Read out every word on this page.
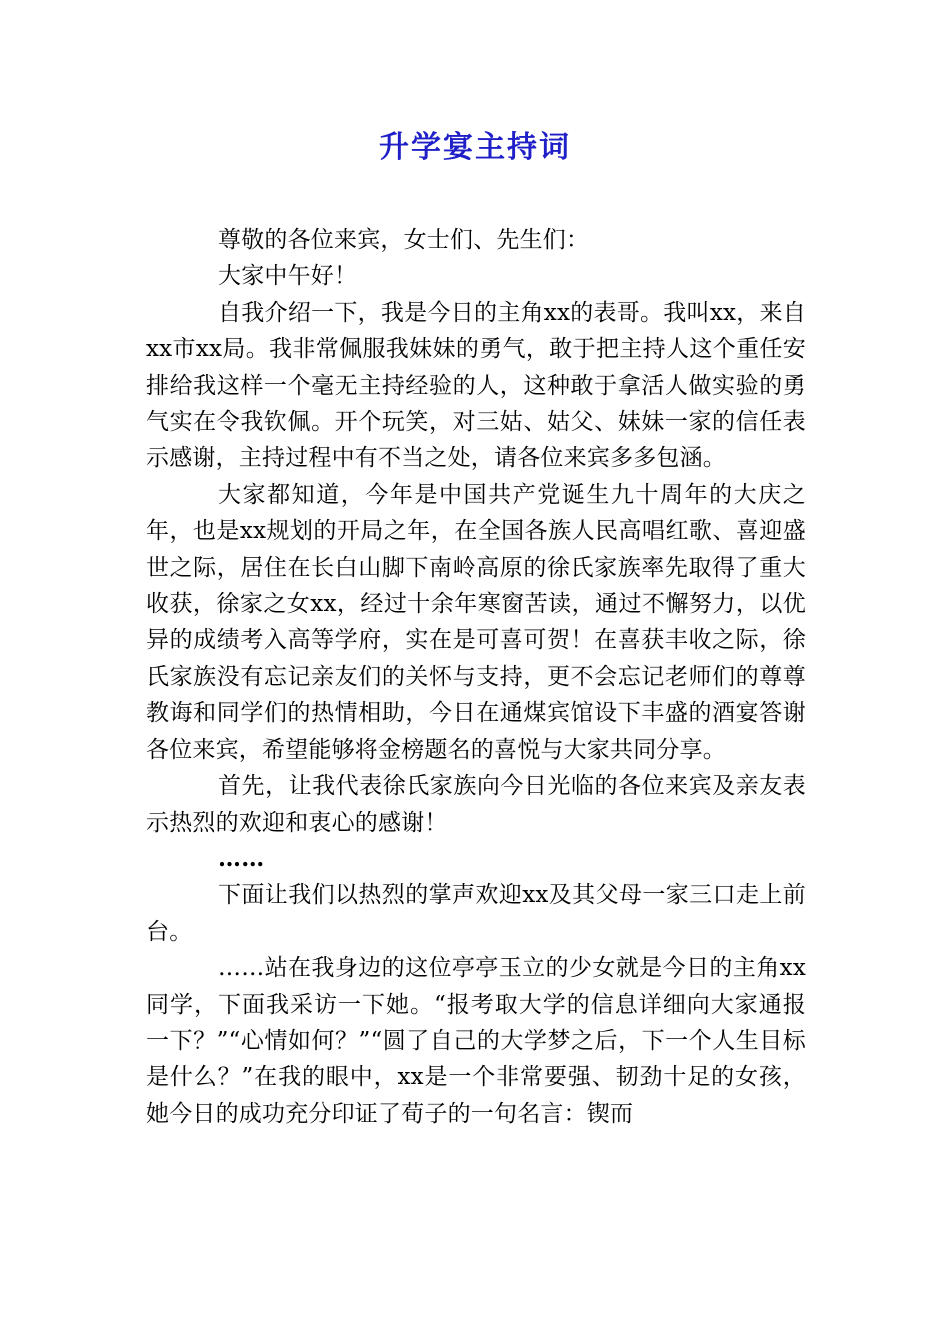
升学宴主持词

尊敬的各位来宾，女士们、先生们：

大家中午好！

自我介绍一下，我是今日的主角xx的表哥。我叫xx，来自xx市xx局。我非常佩服我妹妹的勇气，敢于把主持人这个重任安排给我这样一个毫无主持经验的人，这种敢于拿活人做实验的勇气实在令我钦佩。开个玩笑，对三姑、姑父、妹妹一家的信任表示感谢，主持过程中有不当之处，请各位来宾多多包涵。

大家都知道，今年是中国共产党诞生九十周年的大庆之年，也是xx规划的开局之年，在全国各族人民高唱红歌、喜迎盛世之际，居住在长白山脚下南岭高原的徐氏家族率先取得了重大收获，徐家之女xx，经过十余年寒窗苦读，通过不懈努力，以优异的成绩考入高等学府，实在是可喜可贺！在喜获丰收之际，徐氏家族没有忘记亲友们的关怀与支持，更不会忘记老师们的尊尊教诲和同学们的热情相助，今日在通煤宾馆设下丰盛的酒宴答谢各位来宾，希望能够将金榜题名的喜悦与大家共同分享。

首先，让我代表徐氏家族向今日光临的各位来宾及亲友表示热烈的欢迎和衷心的感谢！

……

下面让我们以热烈的掌声欢迎xx及其父母一家三口走上前台。

……站在我身边的这位亭亭玉立的少女就是今日的主角xx同学，下面我采访一下她。“报考取大学的信息详细向大家通报一下？”“心情如何？”“圆了自己的大学梦之后，下一个人生目标是什么？”在我的眼中，xx是一个非常要强、韧劲十足的女孩，她今日的成功充分印证了荀子的一句名言：锲而
